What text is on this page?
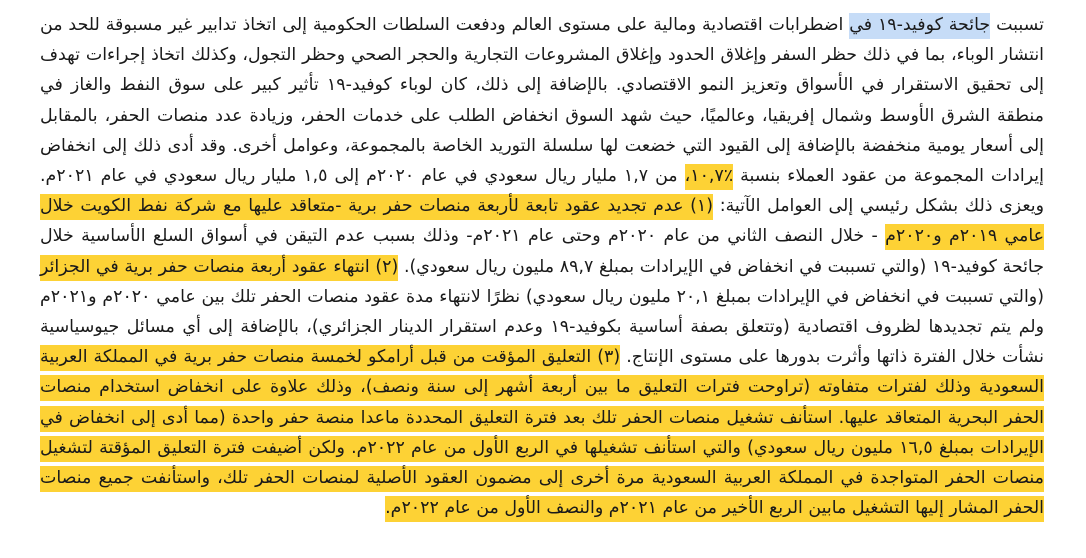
تسببت جائحة كوفيد-١٩ في اضطرابات اقتصادية ومالية على مستوى العالم ودفعت السلطات الحكومية إلى اتخاذ تدابير غير مسبوقة للحد من انتشار الوباء، بما في ذلك حظر السفر وإغلاق الحدود وإغلاق المشروعات التجارية والحجر الصحي وحظر التجول، وكذلك اتخاذ إجراءات تهدف إلى تحقيق الاستقرار في الأسواق وتعزيز النمو الاقتصادي. بالإضافة إلى ذلك، كان لوباء كوفيد-١٩ تأثير كبير على سوق النفط والغاز في منطقة الشرق الأوسط وشمال إفريقيا، وعالميًا، حيث شهد السوق انخفاض الطلب على خدمات الحفر، وزيادة عدد منصات الحفر، بالمقابل إلى أسعار يومية منخفضة بالإضافة إلى القيود التي خضعت لها سلسلة التوريد الخاصة بالمجموعة، وعوامل أخرى. وقد أدى ذلك إلى انخفاض إيرادات المجموعة من عقود العملاء بنسبة ٪١٠,٧، من ١,٧ مليار ريال سعودي في عام ٢٠٢٠م إلى ١,٥ مليار ريال سعودي في عام ٢٠٢١م. ويعزى ذلك بشكل رئيسي إلى العوامل الآتية: (١) عدم تجديد عقود تابعة لأربعة منصات حفر برية -متعاقد عليها مع شركة نفط الكويت خلال عامي ٢٠١٩م و٢٠٢٠م - خلال النصف الثاني من عام ٢٠٢٠م وحتى عام ٢٠٢١م- وذلك بسبب عدم التيقن في أسواق السلع الأساسية خلال جائحة كوفيد-١٩ (والتي تسببت في انخفاض في الإيرادات بمبلغ ٨٩,٧ مليون ريال سعودي). (٢) انتهاء عقود أربعة منصات حفر برية في الجزائر (والتي تسببت في انخفاض في الإيرادات بمبلغ ٢٠,١ مليون ريال سعودي) نظرًا لانتهاء مدة عقود منصات الحفر تلك بين عامي ٢٠٢٠م و٢٠٢١م ولم يتم تجديدها لظروف اقتصادية (وتتعلق بصفة أساسية بكوفيد-١٩ وعدم استقرار الدينار الجزائري)، بالإضافة إلى أي مسائل جيوسياسية نشأت خلال الفترة ذاتها وأثرت بدورها على مستوى الإنتاج. (٣) التعليق المؤقت من قبل أرامكو لخمسة منصات حفر برية في المملكة العربية السعودية وذلك لفترات متفاوته (تراوحت فترات التعليق ما بين أربعة أشهر إلى سنة ونصف)، وذلك علاوة على انخفاض استخدام منصات الحفر البحرية المتعاقد عليها. استأنف تشغيل منصات الحفر تلك بعد فترة التعليق المحددة ماعدا منصة حفر واحدة (مما أدى إلى انخفاض في الإيرادات بمبلغ ١٦,٥ مليون ريال سعودي) والتي استأنف تشغيلها في الربع الأول من عام ٢٠٢٢م. ولكن أضيفت فترة التعليق المؤقتة لتشغيل منصات الحفر المتواجدة في المملكة العربية السعودية مرة أخرى إلى مضمون العقود الأصلية لمنصات الحفر تلك، واستأنفت جميع منصات الحفر المشار إليها التشغيل مابين الربع الأخير من عام ٢٠٢١م والنصف الأول من عام ٢٠٢٢م.
